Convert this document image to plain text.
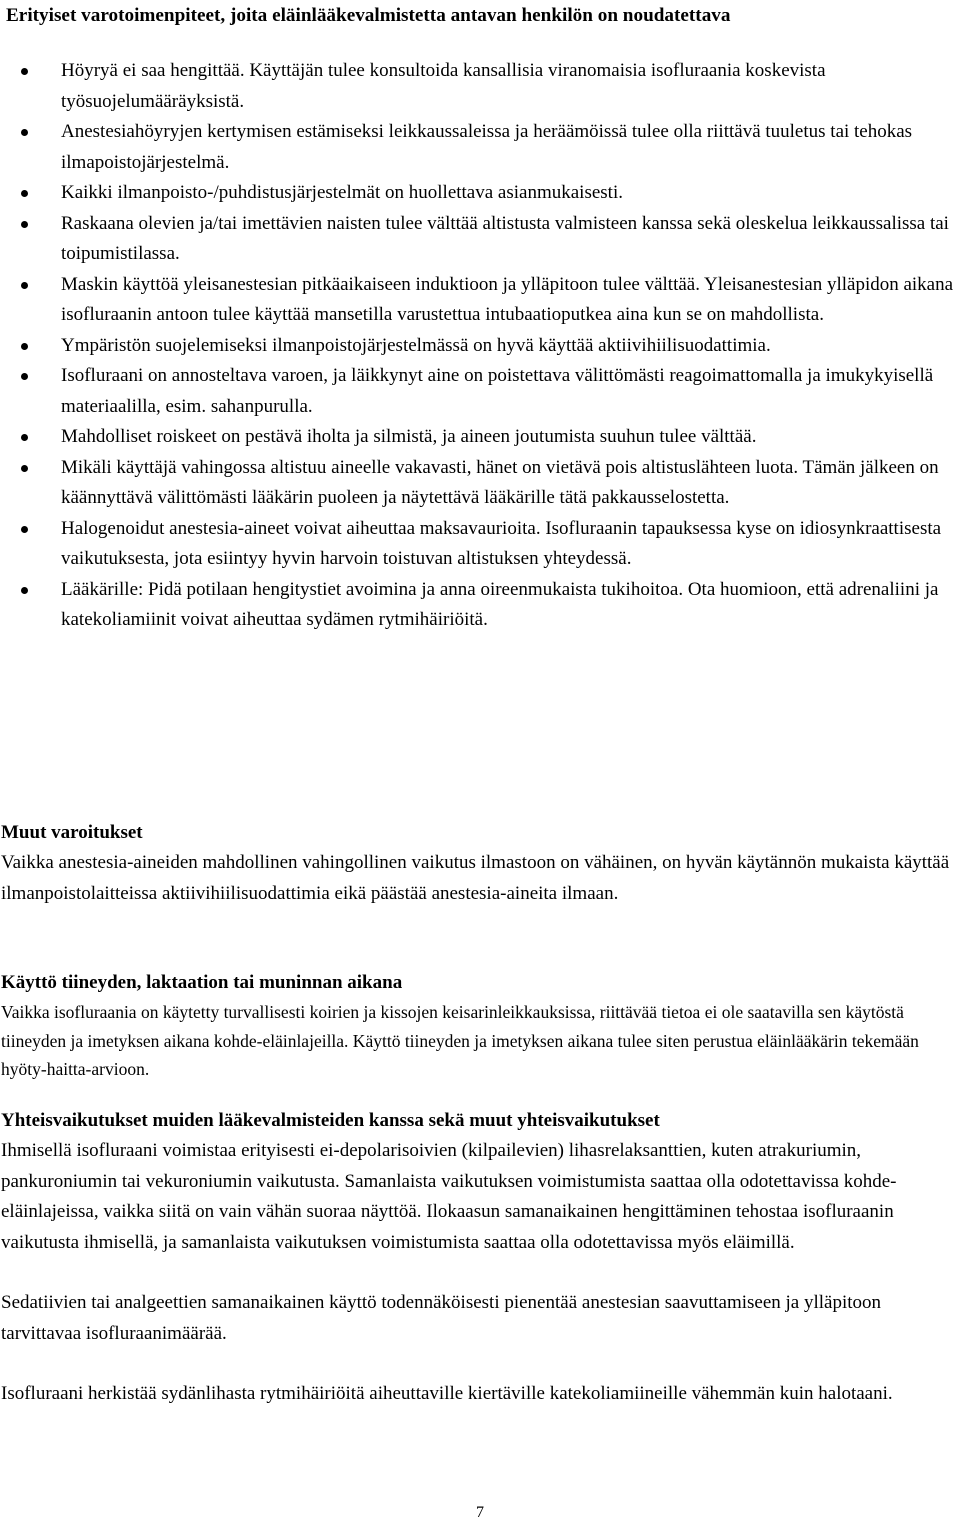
Erityiset varotoimenpiteet, joita eläinlääkevalmistetta antavan henkilön on noudatettava
Höyryä ei saa hengittää. Käyttäjän tulee konsultoida kansallisia viranomaisia isofluraania koskevista työsuojelumääräyksistä.
Anestesiahöyryjen kertymisen estämiseksi leikkaussaleissa ja heräämöissä tulee olla riittävä tuuletus tai tehokas ilmapoistojärjestelmä.
Kaikki ilmanpoisto-/puhdistusjärjestelmät on huollettava asianmukaisesti.
Raskaana olevien ja/tai imettävien naisten tulee välttää altistusta valmisteen kanssa sekä oleskelua leikkaussalissa tai toipumistilassa.
Maskin käyttöä yleisanestesian pitkäaikaiseen induktioon ja ylläpitoon tulee välttää. Yleisanestesian ylläpidon aikana isofluraanin antoon tulee käyttää mansetilla varustettua intubaatioputkea aina kun se on mahdollista.
Ympäristön suojelemiseksi ilmanpoistojärjestelmässä on hyvä käyttää aktiivihiilisuodattimia.
Isofluraani on annosteltava varoen, ja läikkynyt aine on poistettava välittömästi reagoimattomalla ja imukykyisellä materiaalilla, esim. sahanpurulla.
Mahdolliset roiskeet on pestävä iholta ja silmistä, ja aineen joutumista suuhun tulee välttää.
Mikäli käyttäjä vahingossa altistuu aineelle vakavasti, hänet on vietävä pois altistuslähteen luota. Tämän jälkeen on käännyttävä välittömästi lääkärin puoleen ja näytettävä lääkärille tätä pakkausselostetta.
Halogenoidut anestesia-aineet voivat aiheuttaa maksavaurioita. Isofluraanin tapauksessa kyse on idiosynkraattisesta vaikutuksesta, jota esiintyy hyvin harvoin toistuvan altistuksen yhteydessä.
Lääkärille: Pidä potilaan hengitystiet avoimina ja anna oireenmukaista tukihoitoa. Ota huomioon, että adrenaliini ja katekoliamiinit voivat aiheuttaa sydämen rytmihäiriöitä.
Muut varoitukset

Vaikka anestesia-aineiden mahdollinen vahingollinen vaikutus ilmastoon on vähäinen, on hyvän käytännön mukaista käyttää ilmanpoistolaitteissa aktiivihiilisuodattimia eikä päästää anestesia-aineita ilmaan.

Käyttö tiineyden, laktaation tai muninnan aikana

Vaikka isofluraania on käytetty turvallisesti koirien ja kissojen keisarinleikkauksissa, riittävää tietoa ei ole saatavilla sen käytöstä tiineyden ja imetyksen aikana kohde-eläinlajeilla. Käyttö tiineyden ja imetyksen aikana tulee siten perustua eläinlääkärin tekemään hyöty-haitta-arvioon.

Yhteisvaikutukset muiden lääkevalmisteiden kanssa sekä muut yhteisvaikutukset

Ihmisellä isofluraani voimistaa erityisesti ei-depolarisoivien (kilpailevien) lihasrelaksanttien, kuten atrakuriumin, pankuroniumin tai vekuroniumin vaikutusta. Samanlaista vaikutuksen voimistumista saattaa olla odotettavissa kohde-eläinlajeissa, vaikka siitä on vain vähän suoraa näyttöä. Ilokaasun samanaikainen hengittäminen tehostaa isofluraanin vaikutusta ihmisellä, ja samanlaista vaikutuksen voimistumista saattaa olla odotettavissa myös eläimillä.

Sedatiivien tai analgeettien samanaikainen käyttö todennäköisesti pienentää anestesian saavuttamiseen ja ylläpitoon tarvittavaa isofluraanimäärää.

Isofluraani herkistää sydänlihasta rytmihäiriöitä aiheuttaville kiertäville katekoliamiineille vähemmän kuin halotaani.

7
